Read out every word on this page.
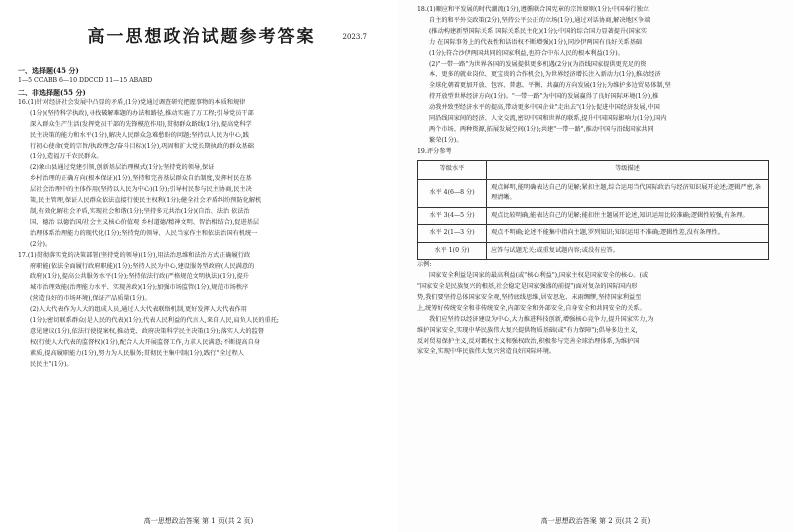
高一思想政治试题参考答案	2023.7
一、选择题(45 分)
1—5 CCABB 6—10 DDCCD 11—15 ABABD
二、非选择题(55 分)
16.(1)针对经济社会发展中凸显的矛盾,(1分)党通过调查研究把握事物的本质和规律
(1分)(坚持科学执政),寻找破解难题的办法和路径,推动实施了万工程;引导党员干部
深入群众生产生活(发挥党员干部的先锋模范作用),贯彻群众路线(1分),提高党科学
民主决策的能力和水平(1分),解决人民群众急难愁盼的问题;坚持以人民为中心,践
行初心使命(党的宗旨/执政理念/奋斗目标)(1分),巩固和扩大党长期执政的群众基础
(1分),造福万千农民群众。
(2)象山县通过党建引领,创新基层治理模式(1分);坚持党的领导,保证
乡村治理的正确方向(根本保证)(1分),坚持和完善基层群众自治制度,发挥村民在基
层社会治理中的主体作用(坚持以人民为中心)(1分);引导村民参与民主协商,民主决
策,民主管理,保证人民群众依法直接行使民主权利(1分);健全社会矛盾纠纷预防化解机
制,有效化解社会矛盾,实现社会和谐(1分);坚持多元共治(1分)(自治、法治 依法治
国、德治 以德治国/社会主义核心价值观 乡村道德/精神文明、智治相结合),促进基层
治理体系治理能力的现代化(1分);坚持党的领导、人民当家作主和依法治国有机统一
(2分)。
17.(1)贯彻落实党的决策部署(坚持党的领导)(1分),用法治思维和法治方式正确履行政
府职能(依法全面履行政府职能)(1分);坚持人民为中心,建设服务型政府(人民满意的
政府)(1分),提高公共服务水平(1分);坚持依法行政(严格规范文明执法)(1分),提升
城市治理效能(治理能力水平、实现善政)(1分);加强市场监管(1分),规范市场秩序
(营造良好的市场环境),保证产品质量(1分)。
(2)人大代表作为人大的组成人员,通过人大代表联络机制,更好发挥人大代表作用
(1分);密切联系群众(是人民的代表)(1分),代表人民利益的代言人,来自人民,肩负人民的重托;
意见建议(1分),依法行使提案权,推动党、政府决策科学民主决策(1分);落实人大的监督
权(行使人大代表的监督权)(1分),配合人大开展监督工作,力求人民满意;不断提高自身
素质,提高履职能力(1分),努力为人民服务;贯彻民主集中制(1分),践行"全过程人
民民主"(1分)。
高一思想政治答案 第 1 页(共 2 页)
18.(1)顺应和平发展的时代潮流(1分),遵循联合国宪章的宗旨原则(1分);中国奉行独立
自主的和平外交政策(2分),坚持公平公正的立场(1分),通过对话协商,解决地区争端
(推动构建新型国际关系 国际关系民主化)(1分);中国的综合国力显著提升(国家实
力 在国际事务上的代表性和话语权不断增强)(1分),同沙伊两国有良好关系基础
(1分);符合沙伊两国共同的国家利益,也符合中东人民的根本利益(1分)。
(2)"一带一路"为世界各国的发展提供更多机遇(2分)(为沿线国家提供更充足的资
本、更多的就业岗位、更宝贵的合作机会),为世界经济增长注入新动力(1分),推动经济
全球化朝着更加开放、包容、普惠、平衡、共赢的方向发展(1分);为维护多边贸易体制,坚
持开放型世界经济方向(1分)。"一带一路"为中国的发展赢得了良好国际环境(1分),推
动我并致型经济水平的提高,带动更多中国企业"走出去"(1分);促进中国经济发展,中国
同沿线国家间的经济、人文交流,密切中国和世界的联系,提升中国国际影响力(1分),国内
两个市场、两种资源,拓展发展空间(1分);共建"一带一路",推动中国与沿线国家共同
繁荣(1分)。
19.评分参考
等级水平	等级描述
水平 4(6—8 分)	观点鲜明,能明确表达自己的见解;紧扣主题,综合运用当代国际政治与经济知识展开论述;逻辑严密,条理清晰。
水平 3(4—5 分)	观点比较明确,能表达自己的见解;能扣住主题展开论述,知识运用比较准确;逻辑性较强,有条理。
水平 2(1—3 分)	观点不明确;论述不能集中指向主题,罗列知识;知识运用不准确;逻辑性差,没有条理性。
水平 1(0 分)	应答与试题无关;或重复试题内容;或没有应答。
示例:
国家安全利益是国家的最高利益(或"核心利益"),国家主权是国家安全的核心。(或
"国家安全是民族复兴的根基,社会稳定是国家强盛的前提")面对复杂的国际国内形
势,我们要坚持总体国家安全观,坚持底线思维,居安思危、未雨绸缪,坚持国家利益至
上,统筹好传统安全和非传统安全,内部安全和外部安全,自身安全和共同安全的关系。
我们应坚持以经济建设为中心,大力推进科技创新,增强核心竞争力,提升国家实力,为
维护国家安全,实现中华民族伟大复兴提供物质基础(或"有力保障");倡导多边主义,
反对贸易保护主义,反对霸权主义和强权政治,积极参与完善全球治理体系,为维护国
家安全,实现中华民族伟大复兴营造良好国际环境。
高一思想政治答案 第 2 页(共 2 页)
